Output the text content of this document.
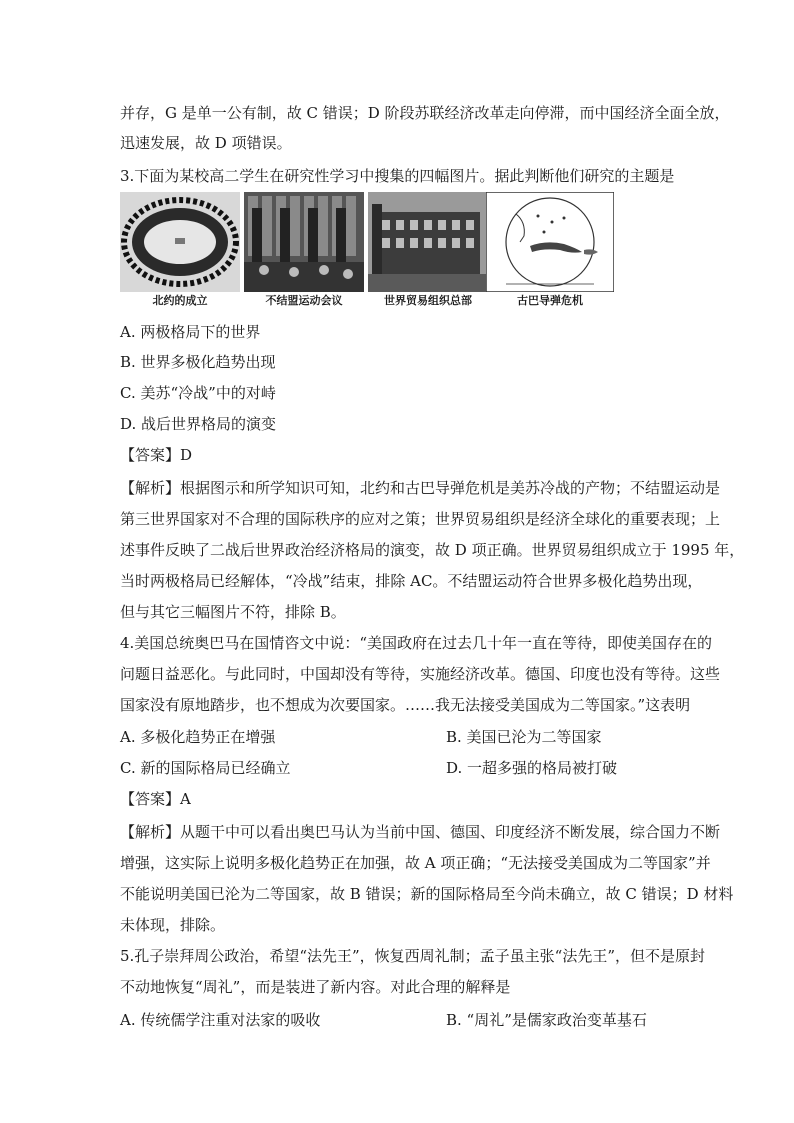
并存，G 是单一公有制，故 C 错误；D 阶段苏联经济改革走向停滞，而中国经济全面全放，
迅速发展，故 D 项错误。
3.下面为某校高二学生在研究性学习中搜集的四幅图片。据此判断他们研究的主题是
北约的成立	不结盟运动会议	世界贸易组织总部	古巴导弹危机
A. 两极格局下的世界
B. 世界多极化趋势出现
C. 美苏“冷战”中的对峙
D. 战后世界格局的演变
【答案】D
【解析】根据图示和所学知识可知，北约和古巴导弹危机是美苏冷战的产物；不结盟运动是
第三世界国家对不合理的国际秩序的应对之策；世界贸易组织是经济全球化的重要表现；上
述事件反映了二战后世界政治经济格局的演变，故 D 项正确。世界贸易组织成立于 1995 年，
当时两极格局已经解体，“冷战”结束，排除 AC。不结盟运动符合世界多极化趋势出现，
但与其它三幅图片不符，排除 B。
4.美国总统奥巴马在国情咨文中说：“美国政府在过去几十年一直在等待，即使美国存在的
问题日益恶化。与此同时，中国却没有等待，实施经济改革。德国、印度也没有等待。这些
国家没有原地踏步，也不想成为次要国家。……我无法接受美国成为二等国家。”这表明
A. 多极化趋势正在增强	B. 美国已沦为二等国家
C. 新的国际格局已经确立	D. 一超多强的格局被打破
【答案】A
【解析】从题干中可以看出奥巴马认为当前中国、德国、印度经济不断发展，综合国力不断
增强，这实际上说明多极化趋势正在加强，故 A 项正确；“无法接受美国成为二等国家”并
不能说明美国已沦为二等国家，故 B 错误；新的国际格局至今尚未确立，故 C 错误；D 材料
未体现，排除。
5.孔子崇拜周公政治，希望“法先王”，恢复西周礼制；孟子虽主张“法先王”，但不是原封
不动地恢复“周礼”，而是装进了新内容。对此合理的解释是
A. 传统儒学注重对法家的吸收	B. “周礼”是儒家政治变革基石
